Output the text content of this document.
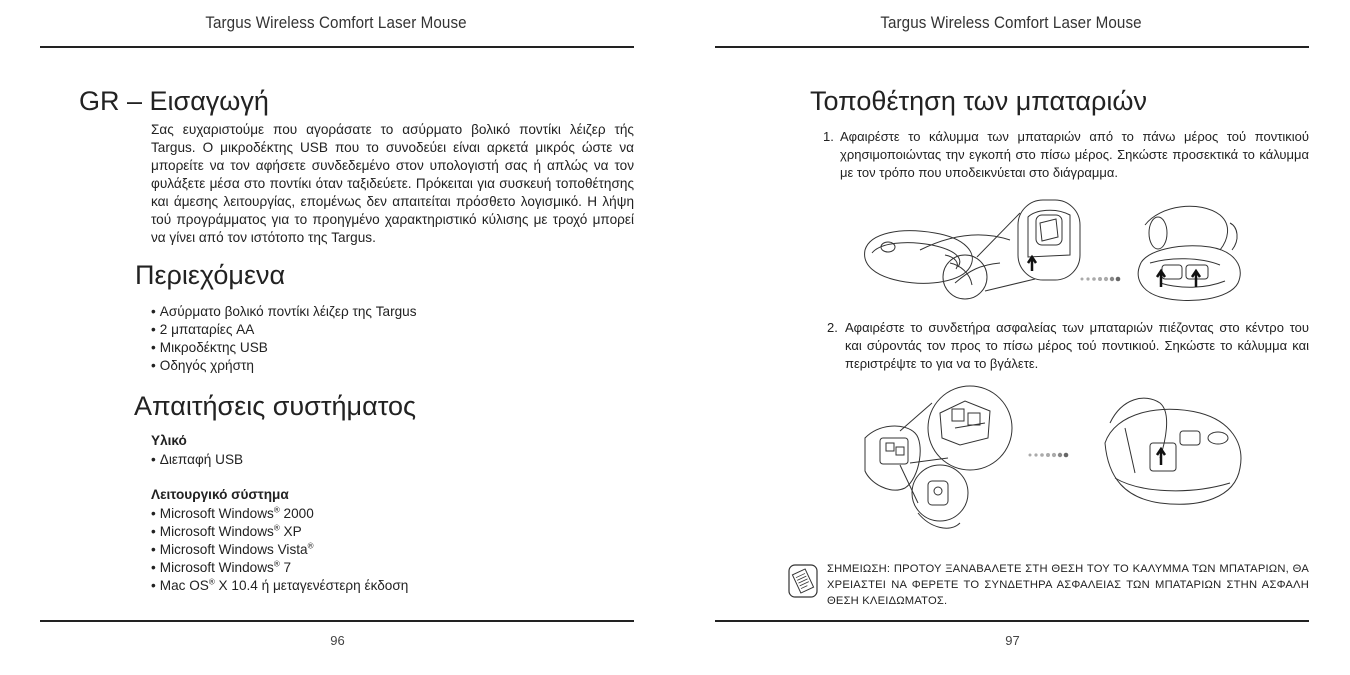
Targus Wireless Comfort Laser Mouse
GR – Εισαγωγή

Σας ευχαριστούμε που αγοράσατε το ασύρματο βολικό ποντίκι λέιζερ τής Targus. Ο μικροδέκτης USB που το συνοδεύει είναι αρκετά μικρός ώστε να μπορείτε να τον αφήσετε συνδεδεμένο στον υπολογιστή σας ή απλώς να τον φυλάξετε μέσα στο ποντίκι όταν ταξιδεύετε. Πρόκειται για συσκευή τοποθέτησης και άμεσης λειτουργίας, επομένως δεν απαιτείται πρόσθετο λογισμικό. Η λήψη τού προγράμματος για το προηγμένο χαρακτηριστικό κύλισης με τροχό μπορεί να γίνει από τον ιστότοπο της Targus.

Περιεχόμενα
• Ασύρματο βολικό ποντίκι λέιζερ της Targus
• 2 μπαταρίες AA
• Μικροδέκτης USB
• Οδηγός χρήστη
Απαιτήσεις συστήματος
Υλικό
• Διεπαφή USB
Λειτουργικό σύστημα
• Microsoft Windows® 2000
• Microsoft Windows® XP
• Microsoft Windows Vista®
• Microsoft Windows® 7
• Mac OS® X 10.4 ή μεταγενέστερη έκδοση
96
Targus Wireless Comfort Laser Mouse
Τοποθέτηση των μπαταριών
1. Αφαιρέστε το κάλυμμα των μπαταριών από το πάνω μέρος τού ποντικιού χρησιμοποιώντας την εγκοπή στο πίσω μέρος. Σηκώστε προσεκτικά το κάλυμμα με τον τρόπο που υποδεικνύεται στο διάγραμμα.
2. Αφαιρέστε το συνδετήρα ασφαλείας των μπαταριών πιέζοντας στο κέντρο του και σύροντάς τον προς το πίσω μέρος τού ποντικιού. Σηκώστε το κάλυμμα και περιστρέψτε το για να το βγάλετε.
ΣΗΜΕΙΩΣΗ: ΠΡΟΤΟΥ ΞΑΝΑΒΑΛΕΤΕ ΣΤΗ ΘΕΣΗ ΤΟΥ ΤΟ ΚΑΛΥΜΜΑ ΤΩΝ ΜΠΑΤΑΡΙΩΝ, ΘΑ ΧΡΕΙΑΣΤΕΙ ΝΑ ΦΕΡΕΤΕ ΤΟ ΣΥΝΔΕΤΗΡΑ ΑΣΦΑΛΕΙΑΣ ΤΩΝ ΜΠΑΤΑΡΙΩΝ ΣΤΗΝ ΑΣΦΑΛΗ ΘΕΣΗ ΚΛΕΙΔΩΜΑΤΟΣ.
97
